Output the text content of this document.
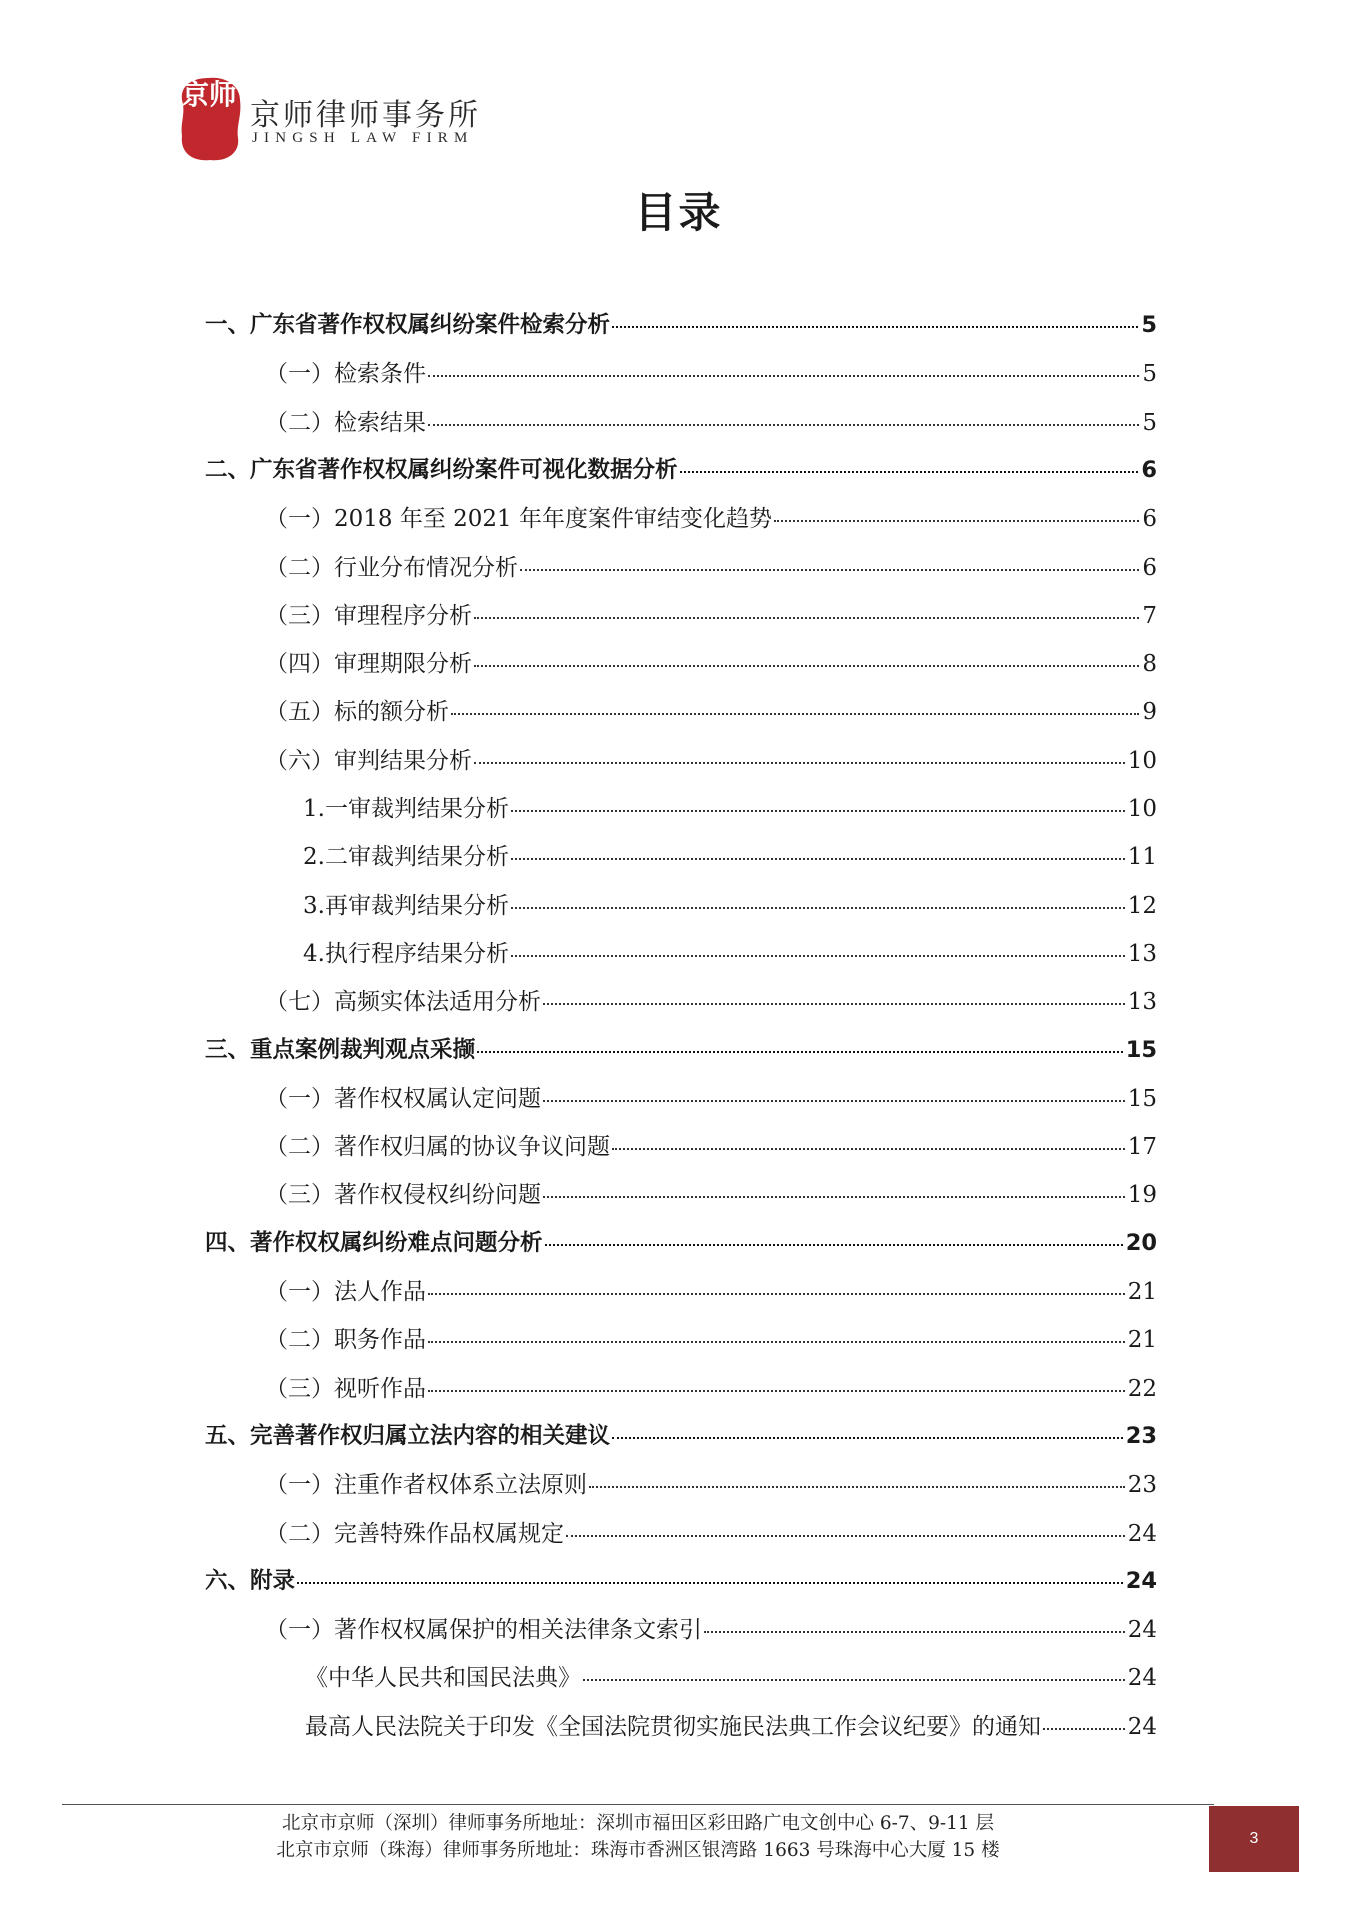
京师
京师律师事务所
JINGSH LAW FIRM
目录
一、广东省著作权权属纠纷案件检索分析	5
（一）检索条件	5
（二）检索结果	5
二、广东省著作权权属纠纷案件可视化数据分析	6
（一）2018 年至 2021 年年度案件审结变化趋势	6
（二）行业分布情况分析	6
（三）审理程序分析	7
（四）审理期限分析	8
（五）标的额分析	9
（六）审判结果分析	10
1.一审裁判结果分析	10
2.二审裁判结果分析	11
3.再审裁判结果分析	12
4.执行程序结果分析	13
（七）高频实体法适用分析	13
三、重点案例裁判观点采撷	15
（一）著作权权属认定问题	15
（二）著作权归属的协议争议问题	17
（三）著作权侵权纠纷问题	19
四、著作权权属纠纷难点问题分析	20
（一）法人作品	21
（二）职务作品	21
（三）视听作品	22
五、完善著作权归属立法内容的相关建议	23
（一）注重作者权体系立法原则	23
（二）完善特殊作品权属规定	24
六、附录	24
（一）著作权权属保护的相关法律条文索引	24
《中华人民共和国民法典》	24
最高人民法院关于印发《全国法院贯彻实施民法典工作会议纪要》的通知	24
北京市京师（深圳）律师事务所地址：深圳市福田区彩田路广电文创中心 6-7、9-11 层
北京市京师（珠海）律师事务所地址：珠海市香洲区银湾路 1663 号珠海中心大厦 15 楼
3
